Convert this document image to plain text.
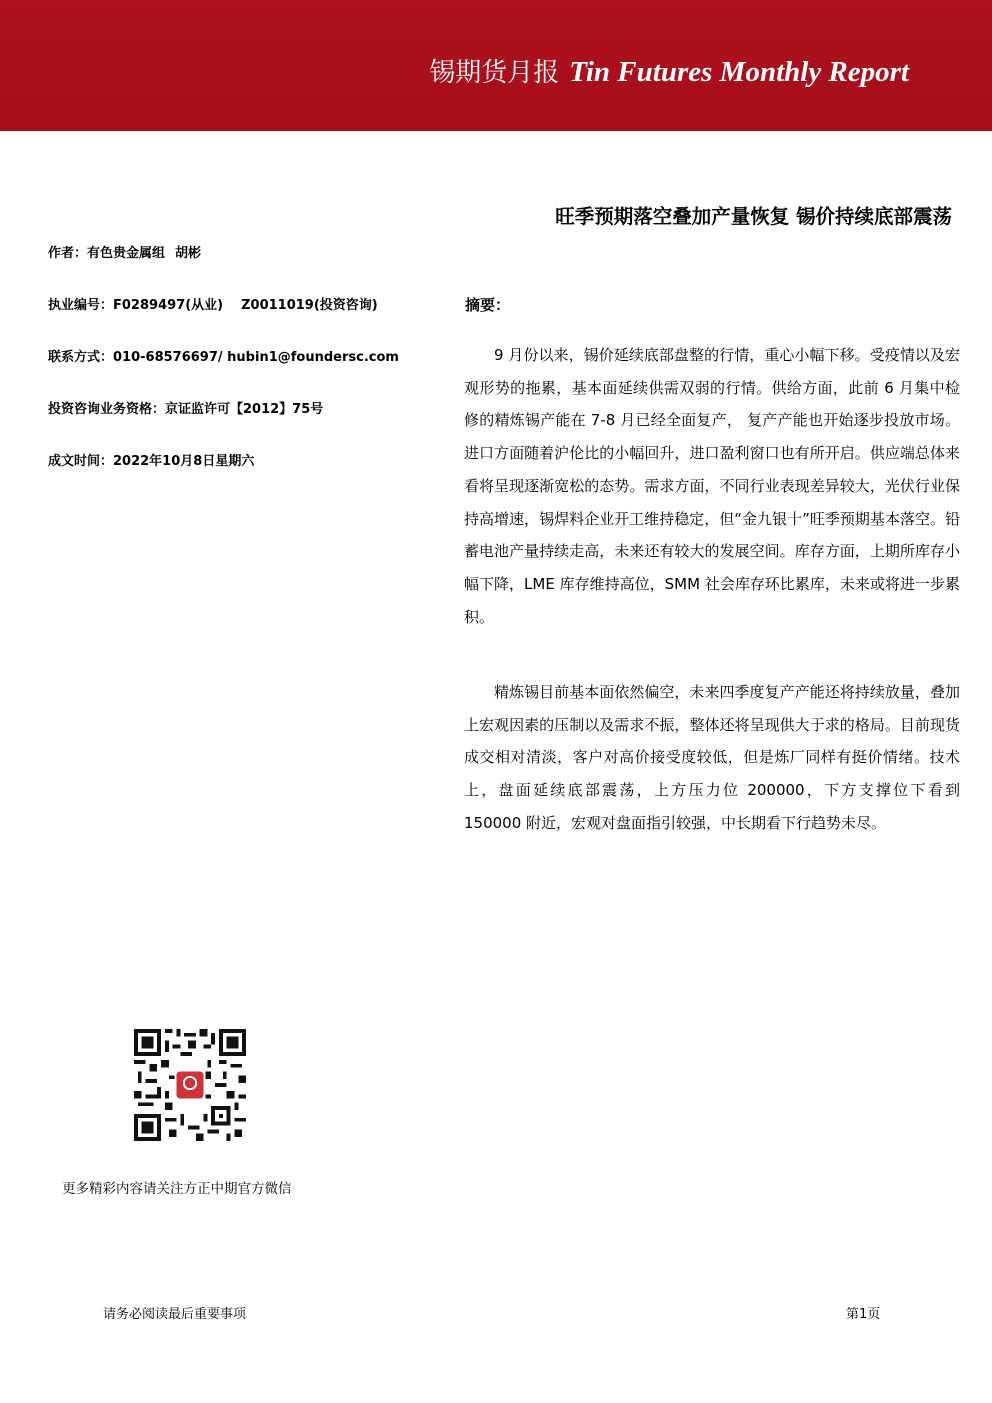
锡期货月报 Tin Futures Monthly Report
旺季预期落空叠加产量恢复 锡价持续底部震荡
作者：有色贵金属组 胡彬
执业编号：F0289497(从业) Z0011019(投资咨询)
联系方式：010-68576697/ hubin1@foundersc.com
投资咨询业务资格：京证监许可【2012】75号
成文时间：2022年10月8日星期六
摘要：

9 月份以来，锡价延续底部盘整的行情，重心小幅下移。受疫情以及宏观形势的拖累，基本面延续供需双弱的行情。供给方面，此前 6 月集中检修的精炼锡产能在 7-8 月已经全面复产， 复产产能也开始逐步投放市场。进口方面随着沪伦比的小幅回升，进口盈利窗口也有所开启。供应端总体来看将呈现逐渐宽松的态势。需求方面，不同行业表现差异较大，光伏行业保持高增速，锡焊料企业开工维持稳定，但“金九银十”旺季预期基本落空。铅蓄电池产量持续走高，未来还有较大的发展空间。库存方面，上期所库存小幅下降，LME 库存维持高位，SMM 社会库存环比累库，未来或将进一步累积。

精炼锡目前基本面依然偏空，未来四季度复产产能还将持续放量，叠加上宏观因素的压制以及需求不振，整体还将呈现供大于求的格局。目前现货成交相对清淡，客户对高价接受度较低，但是炼厂同样有挺价情绪。技术上，盘面延续底部震荡，上方压力位 200000，下方支撑位下看到 150000 附近，宏观对盘面指引较强，中长期看下行趋势未尽。

更多精彩内容请关注方正中期官方微信
请务必阅读最后重要事项	第1页
